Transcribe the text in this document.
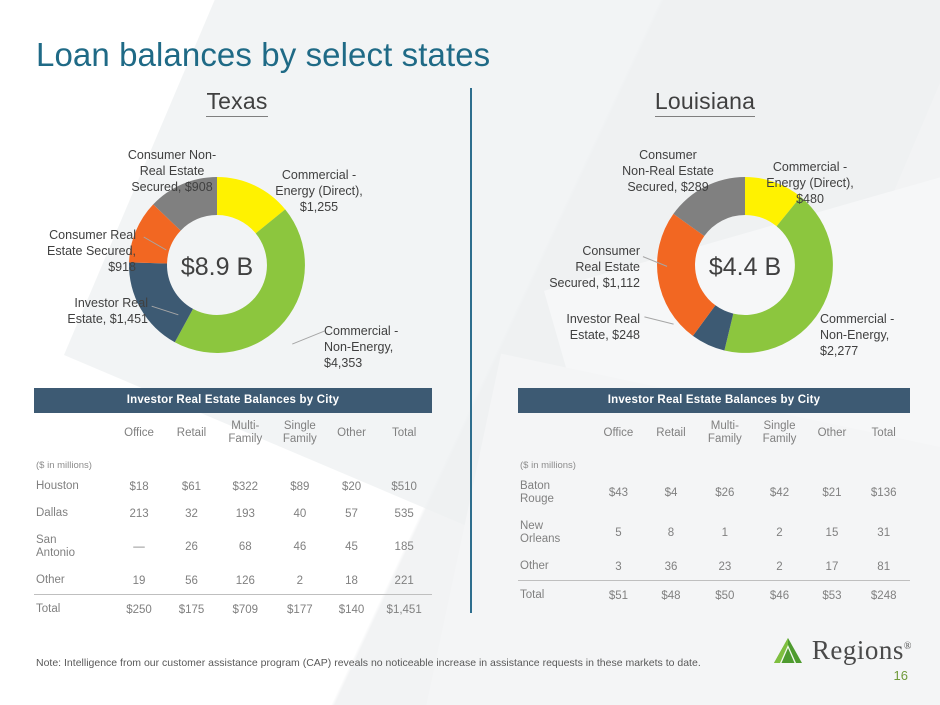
Loan balances by select states
Texas
$8.9 B
Consumer Non-
Real Estate
Secured, $908
Commercial -
Energy (Direct),
$1,255
Consumer Real
Estate Secured,
$918
Investor Real
Estate, $1,451
Commercial -
Non-Energy,
$4,353
Investor Real Estate Balances by City
($ in millions)						
	Office	Retail	Multi-
Family	Single
Family	Other	Total
Houston	$18	$61	$322	$89	$20	$510
Dallas	213	32	193	40	57	535
San
Antonio	—	26	68	46	45	185
Other	19	56	126	2	18	221
Total	$250	$175	$709	$177	$140	$1,451
Louisiana
$4.4 B
Consumer
Non-Real Estate
Secured, $289
Commercial -
Energy (Direct),
$480
Consumer
Real Estate
Secured, $1,112
Investor Real
Estate, $248
Commercial -
Non-Energy,
$2,277
Investor Real Estate Balances by City
($ in millions)						
	Office	Retail	Multi-
Family	Single
Family	Other	Total
Baton
Rouge	$43	$4	$26	$42	$21	$136
New
Orleans	5	8	1	2	15	31
Other	3	36	23	2	17	81
Total	$51	$48	$50	$46	$53	$248
Note: Intelligence from our customer assistance program (CAP) reveals no noticeable increase in assistance requests in these markets to date.	Regions®
16
